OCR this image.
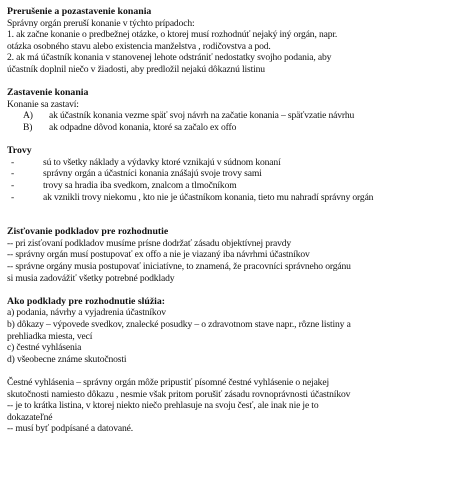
Prerušenie a pozastavenie konania
Správny orgán preruší konanie v týchto prípadoch:
1. ak začne konanie o predbežnej otázke, o ktorej musí rozhodnúť nejaký iný orgán, napr.
otázka osobného stavu alebo existencia manželstva , rodičovstva a pod.
2. ak má účastník konania v stanovenej lehote odstrániť nedostatky svojho podania, aby
účastník doplnil niečo v žiadosti, aby predložil nejakú dôkaznú listinu
Zastavenie konania
Konanie sa zastaví:
A)	ak účastník konania vezme späť svoj návrh na začatie konania – späťvzatie návrhu
B)	ak odpadne dôvod konania, ktoré sa začalo ex offo
Trovy
-	sú to všetky náklady a výdavky ktoré vznikajú v súdnom konaní
-	správny orgán a účastníci konania znášajú svoje trovy sami
-	trovy sa hradia iba svedkom, znalcom a tlmočníkom
-	ak vznikli trovy niekomu , kto nie je účastníkom konania, tieto mu nahradí správny orgán
Zisťovanie podkladov pre rozhodnutie
-- pri zisťovaní podkladov musíme prísne dodržať zásadu objektívnej pravdy
-- správny orgán musí postupovať ex offo a nie je viazaný iba návrhmi účastníkov
-- správne orgány musia postupovať iniciatívne, to znamená, že pracovníci správneho orgánu
si musia zadovážiť všetky potrebné podklady
Ako podklady pre rozhodnutie slúžia:
a) podania, návrhy a vyjadrenia účastníkov
b) dôkazy – výpovede svedkov, znalecké posudky – o zdravotnom stave napr., rôzne listiny a
prehliadka miesta, vecí
c) čestné vyhlásenia
d) všeobecne známe skutočnosti
Čestné vyhlásenia – správny orgán môže pripustiť písomné čestné vyhlásenie o nejakej
skutočnosti namiesto dôkazu , nesmie však pritom porušiť zásadu rovnoprávnosti účastníkov
-- je to krátka listina, v ktorej niekto niečo prehlasuje na svoju česť, ale inak nie je to
dokazateľné
-- musí byť podpísané a datované.
